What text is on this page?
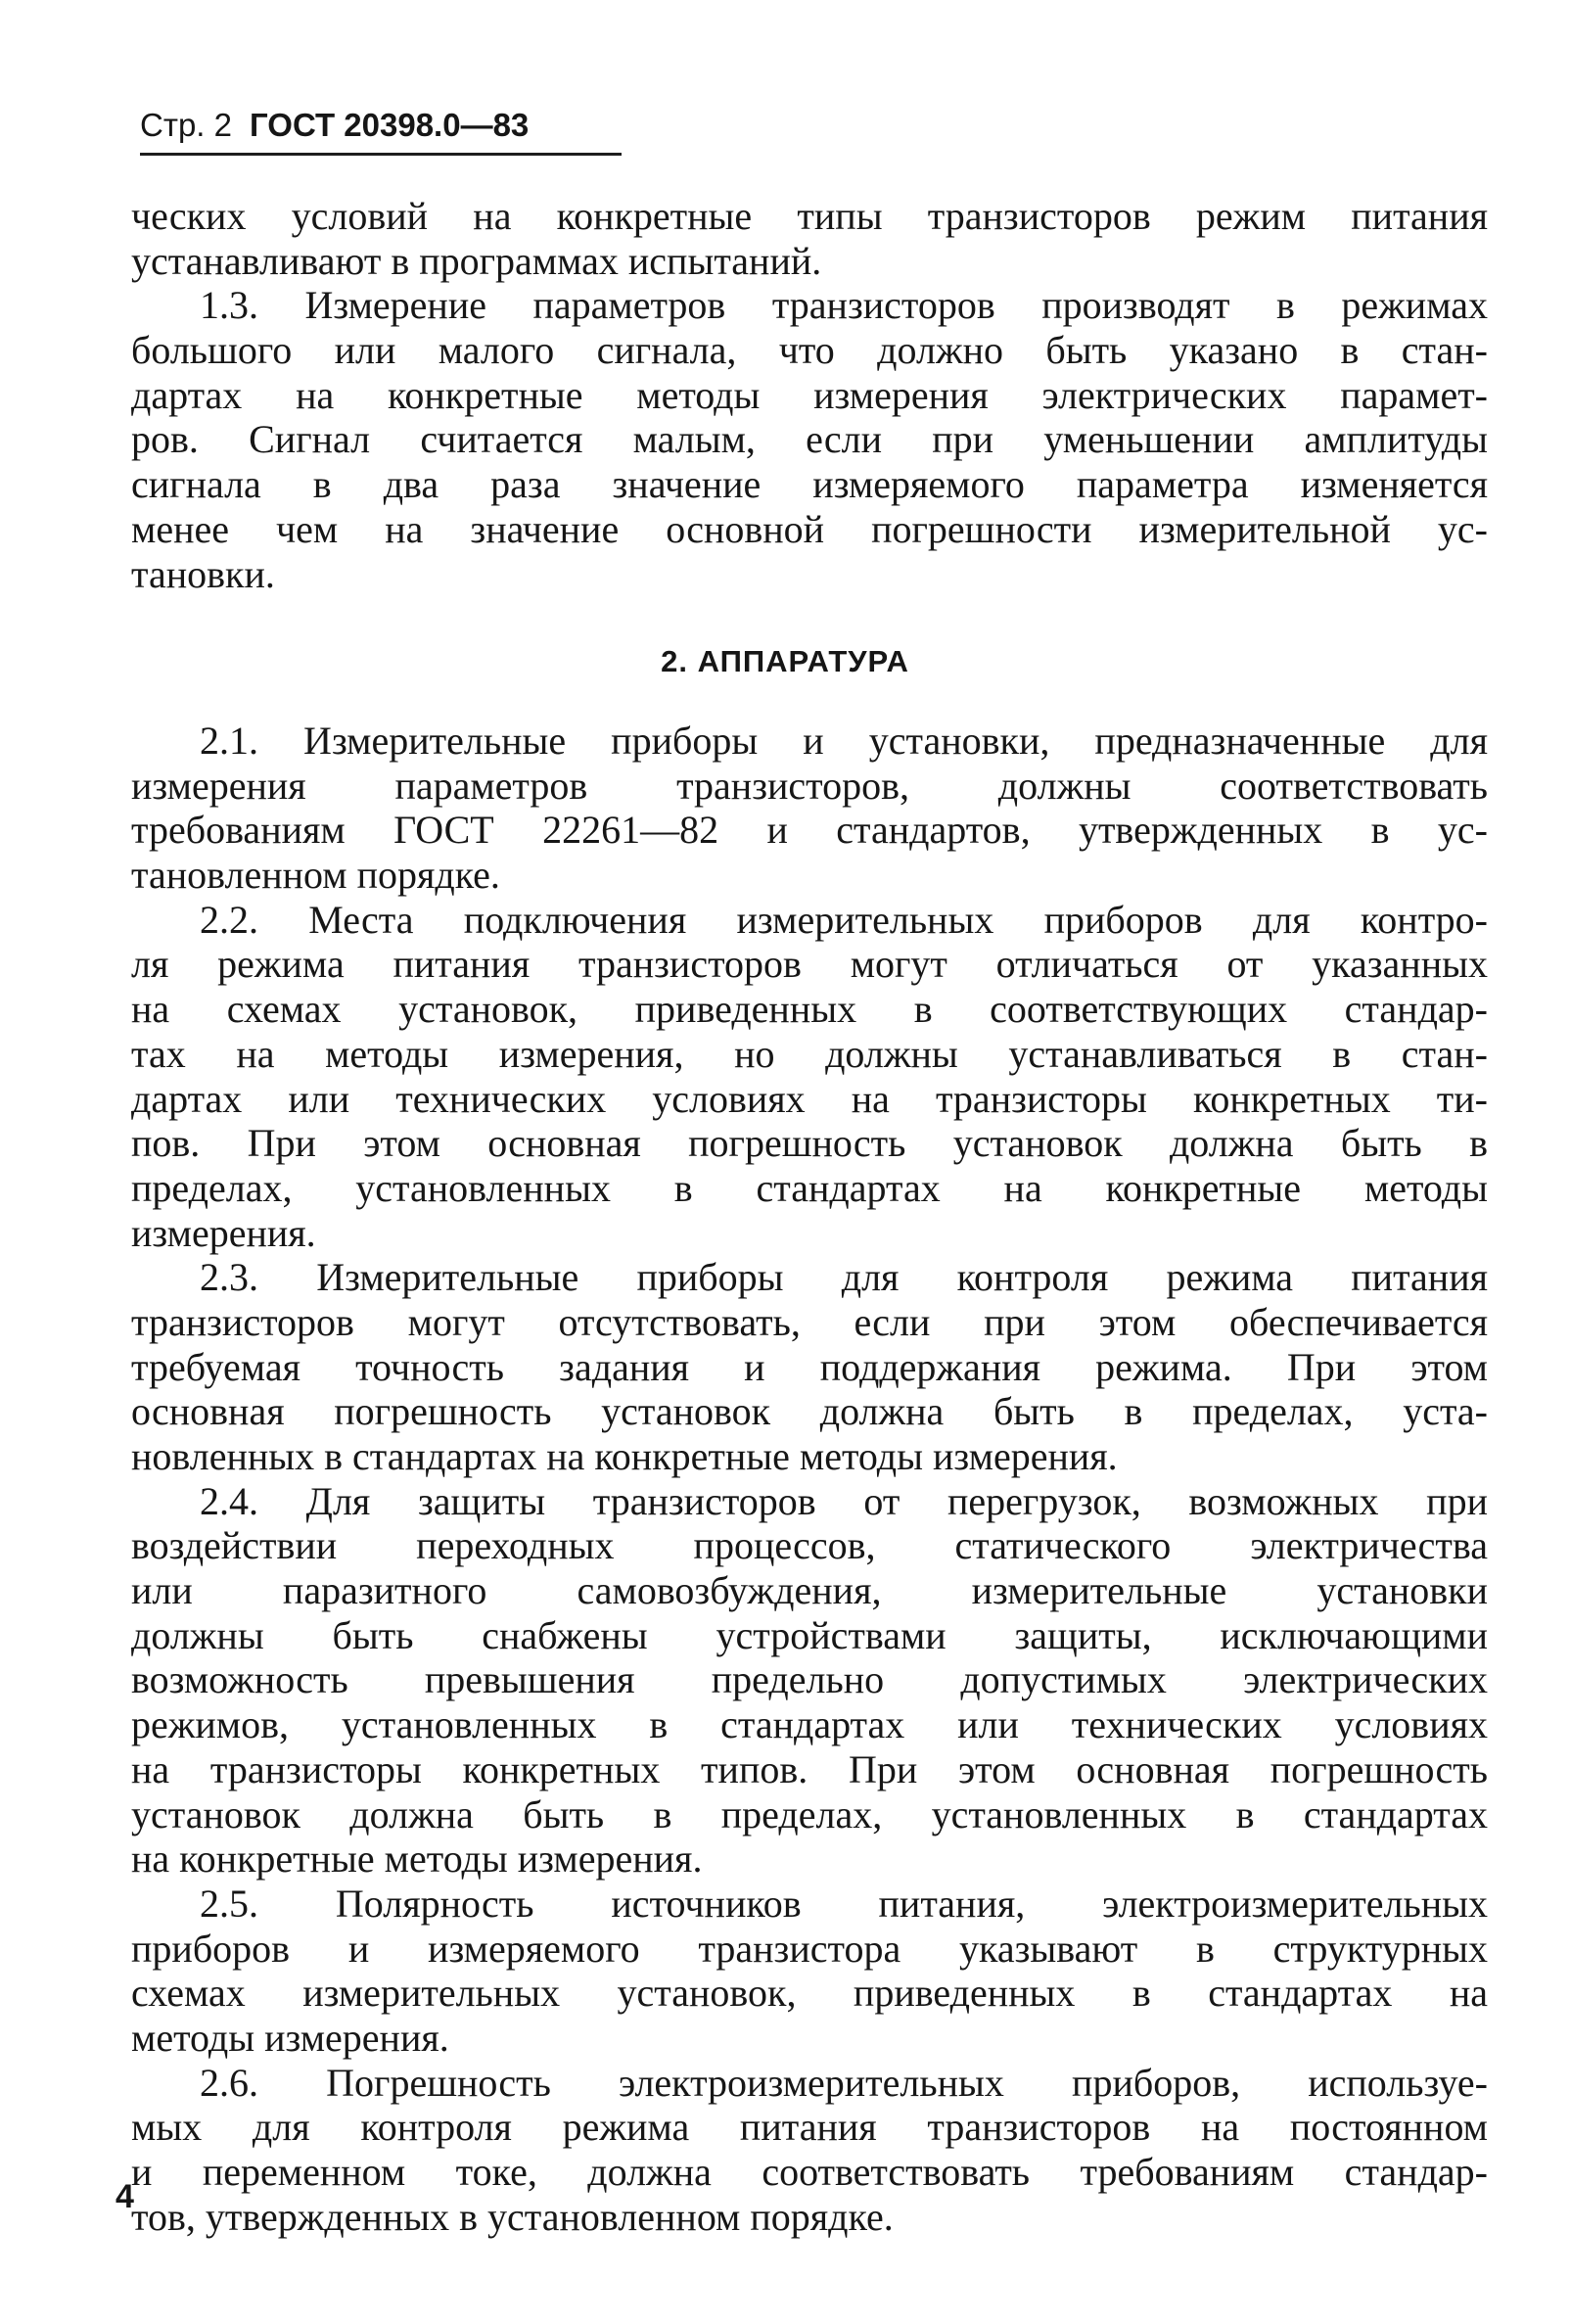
Стр. 2 ГОСТ 20398.0—83
ческих условий на конкретные типы транзисторов режим питания
устанавливают в программах испытаний.
1.3. Измерение параметров транзисторов производят в режимах
большого или малого сигнала, что должно быть указано в стан-
дартах на конкретные методы измерения электрических парамет-
ров. Сигнал считается малым, если при уменьшении амплитуды
сигнала в два раза значение измеряемого параметра изменяется
менее чем на значение основной погрешности измерительной ус-
тановки.
2. АППАРАТУРА
2.1. Измерительные приборы и установки, предназначенные для
измерения параметров транзисторов, должны соответствовать
требованиям ГОСТ 22261—82 и стандартов, утвержденных в ус-
тановленном порядке.
2.2. Места подключения измерительных приборов для контро-
ля режима питания транзисторов могут отличаться от указанных
на схемах установок, приведенных в соответствующих стандар-
тах на методы измерения, но должны устанавливаться в стан-
дартах или технических условиях на транзисторы конкретных ти-
пов. При этом основная погрешность установок должна быть в
пределах, установленных в стандартах на конкретные методы
измерения.
2.3. Измерительные приборы для контроля режима питания
транзисторов могут отсутствовать, если при этом обеспечивается
требуемая точность задания и поддержания режима. При этом
основная погрешность установок должна быть в пределах, уста-
новленных в стандартах на конкретные методы измерения.
2.4. Для защиты транзисторов от перегрузок, возможных при
воздействии переходных процессов, статического электричества
или паразитного самовозбуждения, измерительные установки
должны быть снабжены устройствами защиты, исключающими
возможность превышения предельно допустимых электрических
режимов, установленных в стандартах или технических условиях
на транзисторы конкретных типов. При этом основная погрешность
установок должна быть в пределах, установленных в стандартах
на конкретные методы измерения.
2.5. Полярность источников питания, электроизмерительных
приборов и измеряемого транзистора указывают в структурных
схемах измерительных установок, приведенных в стандартах на
методы измерения.
2.6. Погрешность электроизмерительных приборов, используе-
мых для контроля режима питания транзисторов на постоянном
и переменном токе, должна соответствовать требованиям стандар-
тов, утвержденных в установленном порядке.
4
